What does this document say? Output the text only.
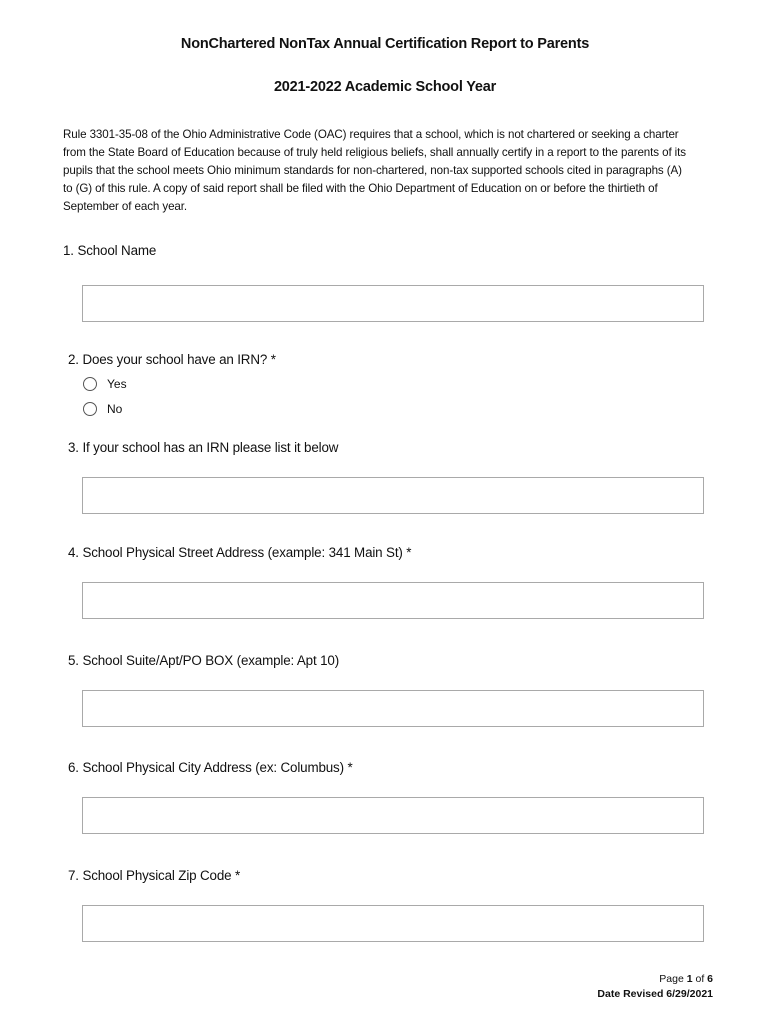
NonChartered NonTax Annual Certification Report to Parents
2021-2022 Academic School Year
Rule 3301-35-08 of the Ohio Administrative Code (OAC) requires that a school, which is not chartered or seeking a charter
from the State Board of Education because of truly held religious beliefs, shall annually certify in a report to the parents of its
pupils that the school meets Ohio minimum standards for non-chartered, non-tax supported schools cited in paragraphs (A)
to (G) of this rule. A copy of said report shall be filed with the Ohio Department of Education on or before the thirtieth of
September of each year.
1. School Name
2. Does your school have an IRN? *
Yes
No
3. If your school has an IRN please list it below
4. School Physical Street Address (example: 341 Main St) *
5. School Suite/Apt/PO BOX (example: Apt 10)
6. School Physical City Address (ex: Columbus) *
7. School Physical Zip Code *
Page 1 of 6
Date Revised 6/29/2021
